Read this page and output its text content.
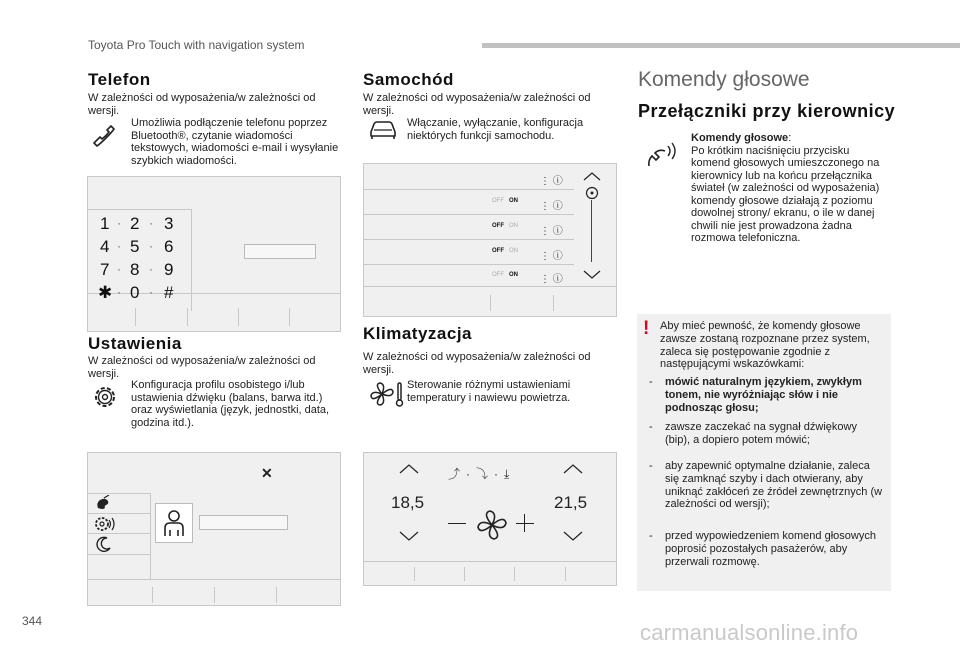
Toyota Pro Touch with navigation system
Telefon
W zależności od wyposażenia/w zależności od wersji.
Umożliwia podłączenie telefonu poprzez Bluetooth®, czytanie wiadomości tekstowych, wiadomości e-mail i wysyłanie szybkich wiadomości.
1 · 2 · 3
4 · 5 · 6
7 · 8 · 9
✱ · 0 · #
Ustawienia
W zależności od wyposażenia/w zależności od wersji.
Konfiguracja profilu osobistego i/lub ustawienia dźwięku (balans, barwa itd.) oraz wyświetlania (język, jednostki, data, godzina itd.).
✕
Samochód
W zależności od wyposażenia/w zależności od wersji.
Włączanie, wyłączanie, konfiguracja niektórych funkcji samochodu.
OFF ON
OFF ON
OFF ON
OFF ON
⋮ ⓘ
⋮ ⓘ
⋮ ⓘ
⋮ ⓘ
⋮ ⓘ
Klimatyzacja
W zależności od wyposażenia/w zależności od wersji.
Sterowanie różnymi ustawieniami temperatury i nawiewu powietrza.
⤴·⤵·⤓
18,5	21,5
Komendy głosowe
Przełączniki przy kierownicy
Komendy głosowe:
Po krótkim naciśnięciu przycisku komend głosowych umieszczonego na kierownicy lub na końcu przełącznika świateł (w zależności od wyposażenia) komendy głosowe działają z poziomu dowolnej strony/ ekranu, o ile w danej chwili nie jest prowadzona żadna rozmowa telefoniczna.
! Aby mieć pewność, że komendy głosowe zawsze zostaną rozpoznane przez system, zaleca się postępowanie zgodnie z następującymi wskazówkami:
- mówić naturalnym językiem, zwykłym tonem, nie wyróżniając słów i nie podnosząc głosu;
- zawsze zaczekać na sygnał dźwiękowy (bip), a dopiero potem mówić;
- aby zapewnić optymalne działanie, zaleca się zamknąć szyby i dach otwierany, aby uniknąć zakłóceń ze źródeł zewnętrznych (w zależności od wersji);
- przed wypowiedzeniem komend głosowych poprosić pozostałych pasażerów, aby przerwali rozmowę.
344	carmanualsonline.info
